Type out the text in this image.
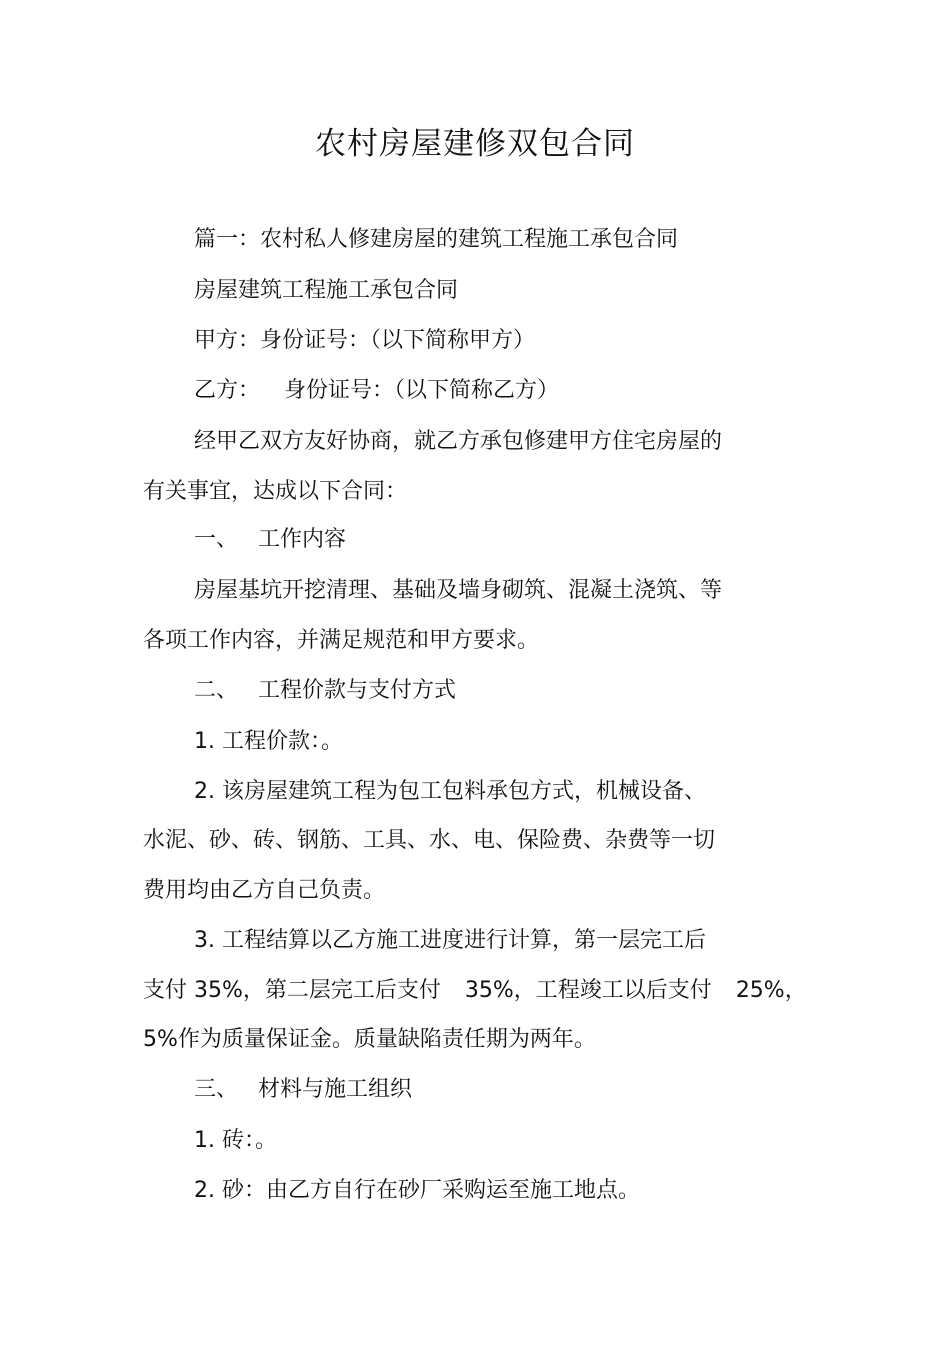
农村房屋建修双包合同
篇一：农村私人修建房屋的建筑工程施工承包合同
房屋建筑工程施工承包合同
甲方：身份证号：（以下简称甲方）
乙方： 身份证号：（以下简称乙方）
经甲乙双方友好协商，就乙方承包修建甲方住宅房屋的
有关事宜，达成以下合同：
一、 工作内容
房屋基坑开挖清理、基础及墙身砌筑、混凝土浇筑、等
各项工作内容，并满足规范和甲方要求。
二、 工程价款与支付方式
1. 工程价款：。
2. 该房屋建筑工程为包工包料承包方式，机械设备、
水泥、砂、砖、钢筋、工具、水、电、保险费、杂费等一切
费用均由乙方自己负责。
3. 工程结算以乙方施工进度进行计算，第一层完工后
支付 35%，第二层完工后支付 35%，工程竣工以后支付 25%，
5%作为质量保证金。质量缺陷责任期为两年。
三、 材料与施工组织
1. 砖：。
2. 砂：由乙方自行在砂厂采购运至施工地点。
